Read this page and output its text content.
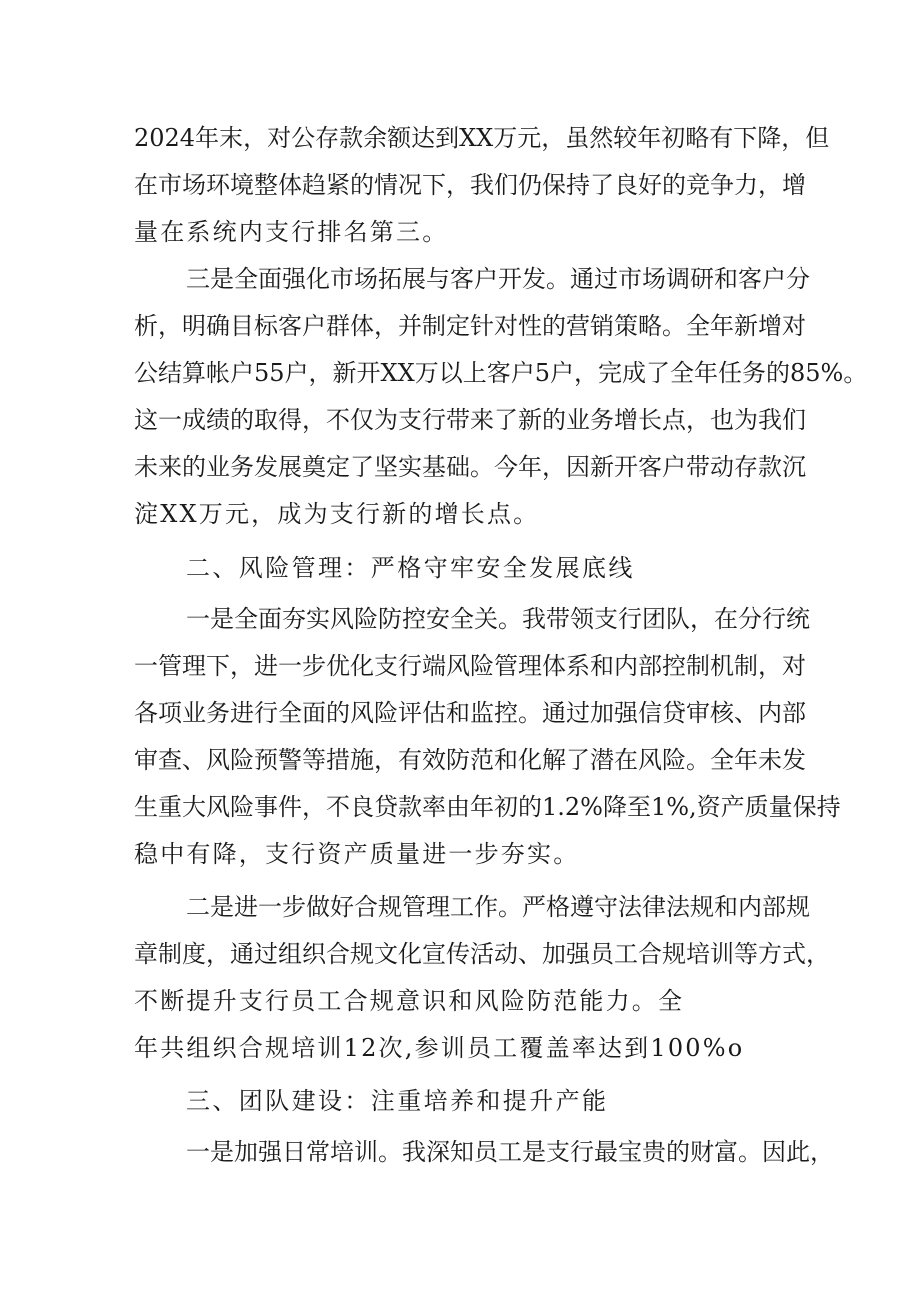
2024年末，对公存款余额达到XX万元，虽然较年初略有下降，但
在市场环境整体趋紧的情况下，我们仍保持了良好的竞争力，增
量在系统内支行排名第三。
三是全面强化市场拓展与客户开发。通过市场调研和客户分
析，明确目标客户群体，并制定针对性的营销策略。全年新增对
公结算帐户55户，新开XX万以上客户5户，完成了全年任务的85%。
这一成绩的取得，不仅为支行带来了新的业务增长点，也为我们
未来的业务发展奠定了坚实基础。今年，因新开客户带动存款沉
淀XX万元，成为支行新的增长点。
二、风险管理：严格守牢安全发展底线
一是全面夯实风险防控安全关。我带领支行团队，在分行统
一管理下，进一步优化支行端风险管理体系和内部控制机制，对
各项业务进行全面的风险评估和监控。通过加强信贷审核、内部
审查、风险预警等措施，有效防范和化解了潜在风险。全年未发
生重大风险事件，不良贷款率由年初的1.2%降至1%,资产质量保持
稳中有降，支行资产质量进一步夯实。
二是进一步做好合规管理工作。严格遵守法律法规和内部规
章制度，通过组织合规文化宣传活动、加强员工合规培训等方式，
不断提升支行员工合规意识和风险防范能力。全
年共组织合规培训12次,参训员工覆盖率达到100%o
三、团队建设：注重培养和提升产能
一是加强日常培训。我深知员工是支行最宝贵的财富。因此，
